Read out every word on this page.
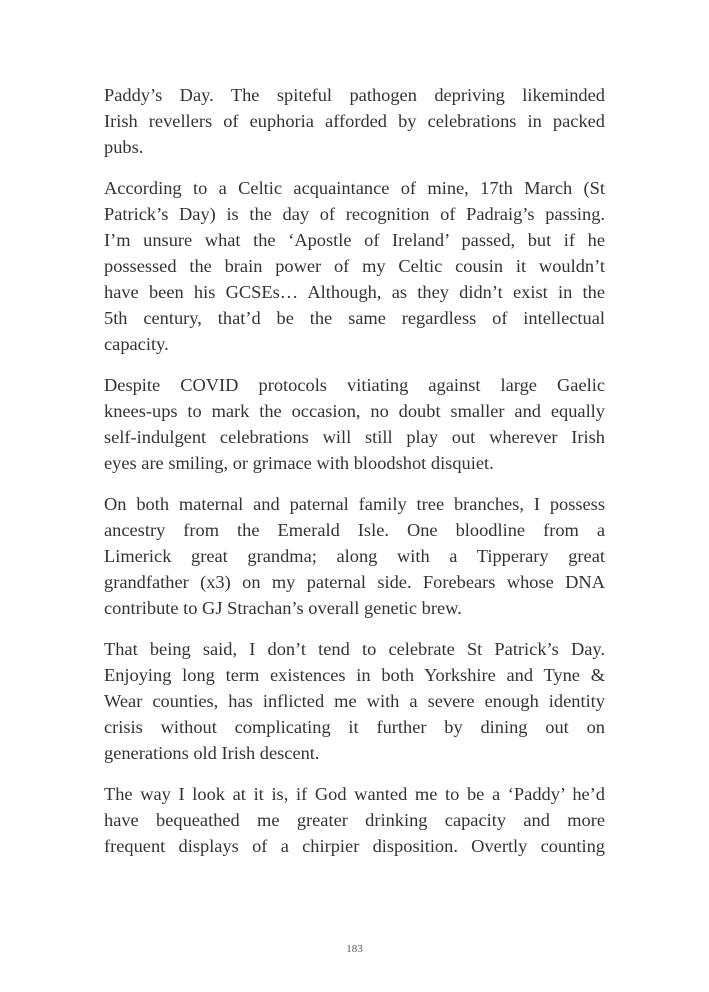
Paddy’s Day. The spiteful pathogen depriving likeminded
Irish revellers of euphoria afforded by celebrations in packed
pubs.
According to a Celtic acquaintance of mine, 17th March (St
Patrick’s Day) is the day of recognition of Padraig’s passing.
I’m unsure what the ‘Apostle of Ireland’ passed, but if he
possessed the brain power of my Celtic cousin it wouldn’t
have been his GCSEs… Although, as they didn’t exist in the
5th century, that’d be the same regardless of intellectual
capacity.
Despite COVID protocols vitiating against large Gaelic
knees-ups to mark the occasion, no doubt smaller and equally
self-indulgent celebrations will still play out wherever Irish
eyes are smiling, or grimace with bloodshot disquiet.
On both maternal and paternal family tree branches, I possess
ancestry from the Emerald Isle. One bloodline from a
Limerick great grandma; along with a Tipperary great
grandfather (x3) on my paternal side. Forebears whose DNA
contribute to GJ Strachan’s overall genetic brew.
That being said, I don’t tend to celebrate St Patrick’s Day.
Enjoying long term existences in both Yorkshire and Tyne &
Wear counties, has inflicted me with a severe enough identity
crisis without complicating it further by dining out on
generations old Irish descent.
The way I look at it is, if God wanted me to be a ‘Paddy’ he’d
have bequeathed me greater drinking capacity and more
frequent displays of a chirpier disposition. Overtly counting
183
